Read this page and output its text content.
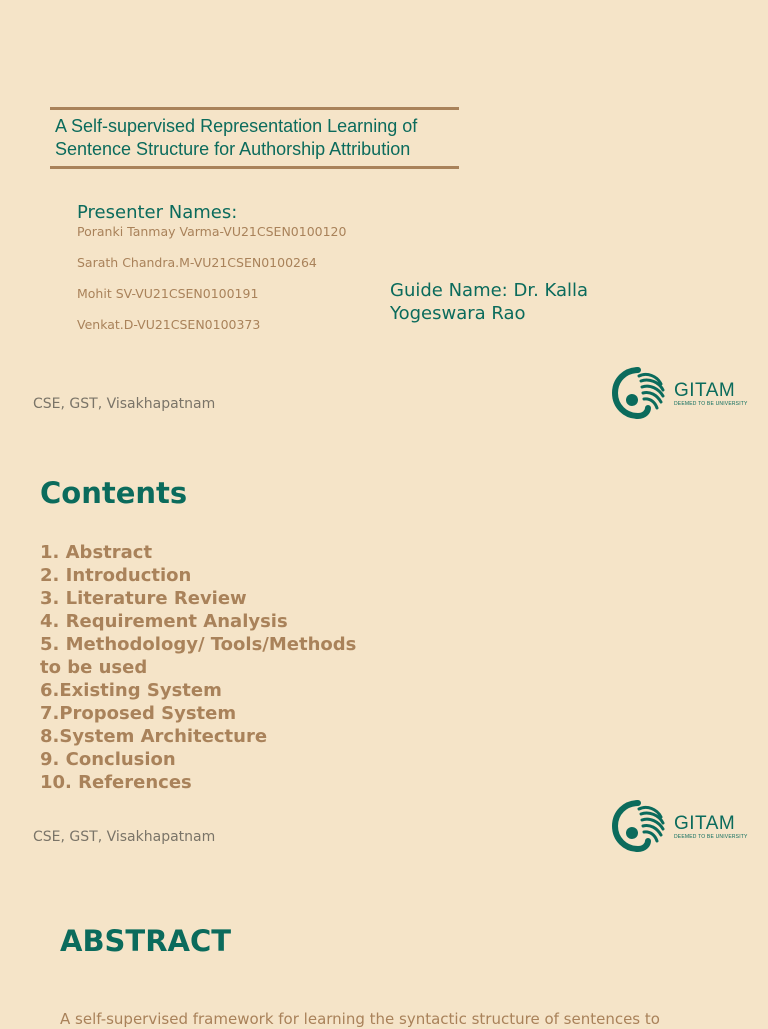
A Self-supervised Representation Learning of Sentence Structure for Authorship Attribution
Presenter Names:
Poranki Tanmay Varma-VU21CSEN0100120
Sarath Chandra.M-VU21CSEN0100264
Mohit SV-VU21CSEN0100191
Venkat.D-VU21CSEN0100373
Guide Name: Dr. Kalla Yogeswara Rao
CSE, GST, Visakhapatnam
GITAM
DEEMED TO BE UNIVERSITY
Contents
1. Abstract
2. Introduction
3. Literature Review
4. Requirement Analysis
5. Methodology/ Tools/Methods to be used
6.Existing System
7.Proposed System
8.System Architecture
9. Conclusion
10. References
CSE, GST, Visakhapatnam
GITAM
DEEMED TO BE UNIVERSITY
ABSTRACT

A self-supervised framework for learning the syntactic structure of sentences to
